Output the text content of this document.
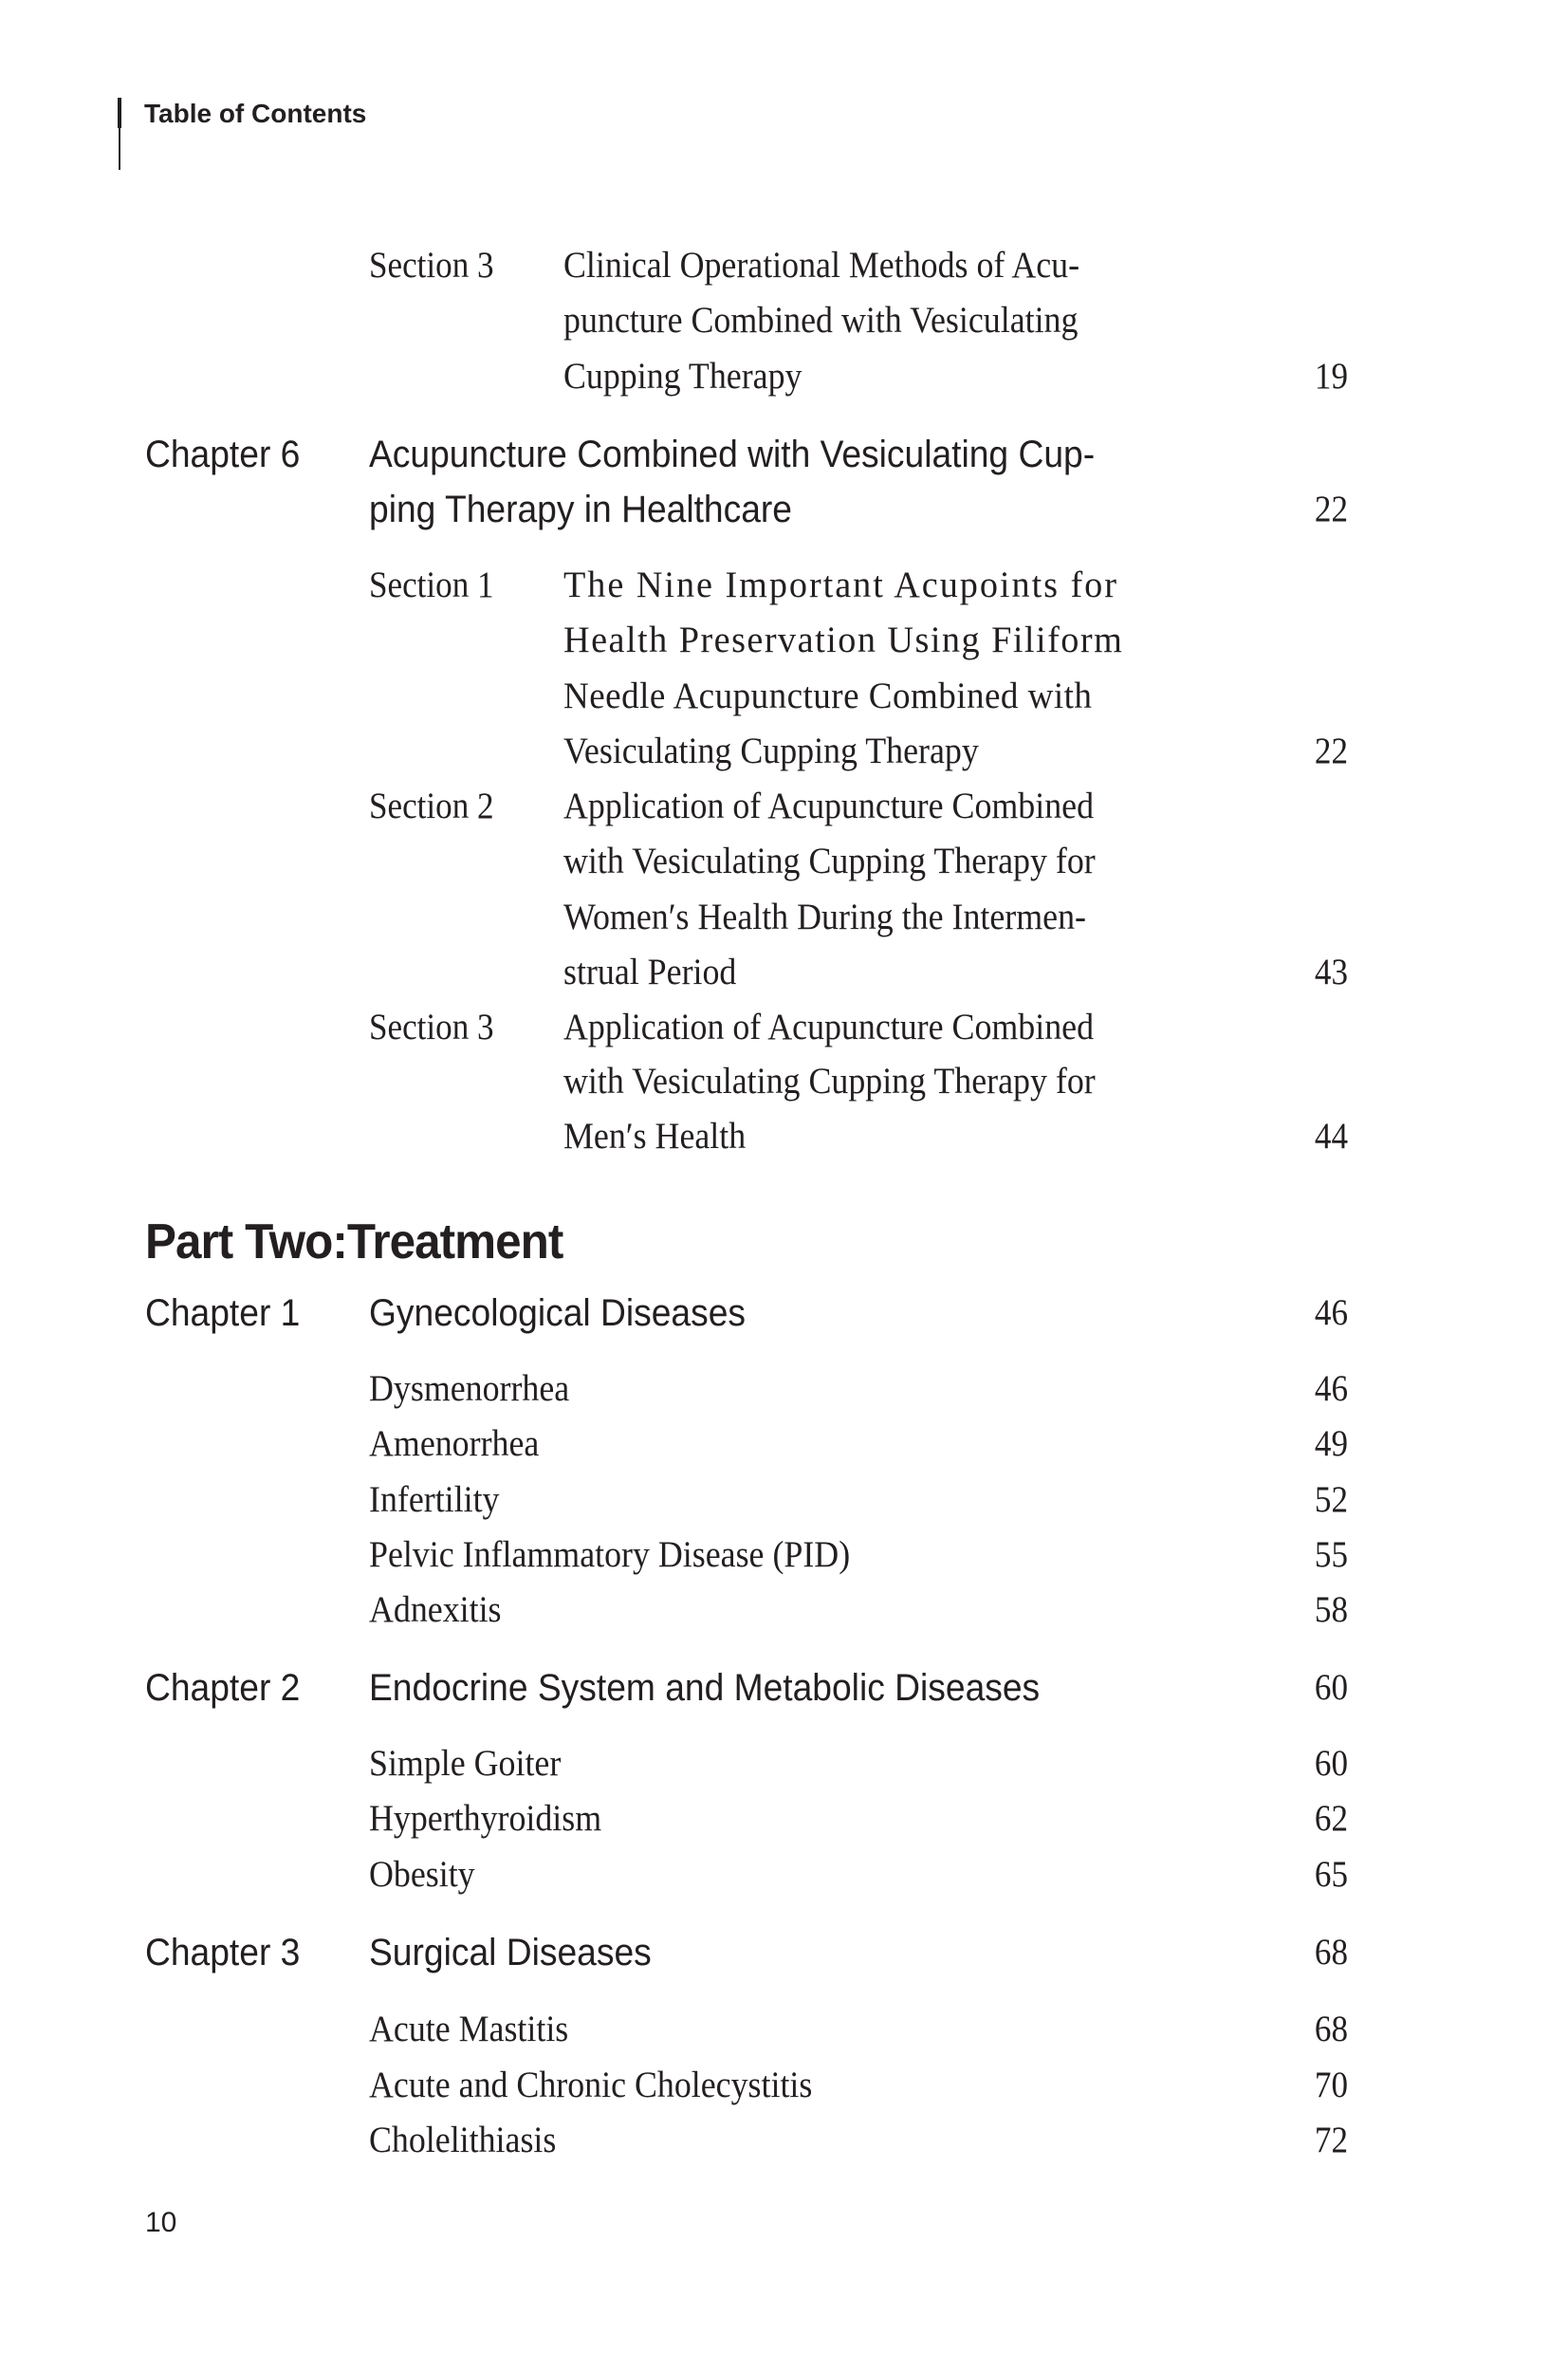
Table of Contents
Section 3 Clinical Operational Methods of Acu-
puncture Combined with Vesiculating
Cupping Therapy	19
Chapter 6 Acupuncture Combined with Vesiculating Cup-
ping Therapy in Healthcare	22
Section 1 The Nine Important Acupoints for
Health Preservation Using Filiform
Needle Acupuncture Combined with
Vesiculating Cupping Therapy	22
Section 2 Application of Acupuncture Combined
with Vesiculating Cupping Therapy for
Women′s Health During the Intermen-
strual Period	43
Section 3 Application of Acupuncture Combined
with Vesiculating Cupping Therapy for
Men′s Health	44
Part Two:Treatment
Chapter 1 Gynecological Diseases	46
Dysmenorrhea	46
Amenorrhea	49
Infertility	52
Pelvic Inflammatory Disease (PID)	55
Adnexitis	58
Chapter 2 Endocrine System and Metabolic Diseases	60
Simple Goiter	60
Hyperthyroidism	62
Obesity	65
Chapter 3 Surgical Diseases	68
Acute Mastitis	68
Acute and Chronic Cholecystitis	70
Cholelithiasis	72
10
